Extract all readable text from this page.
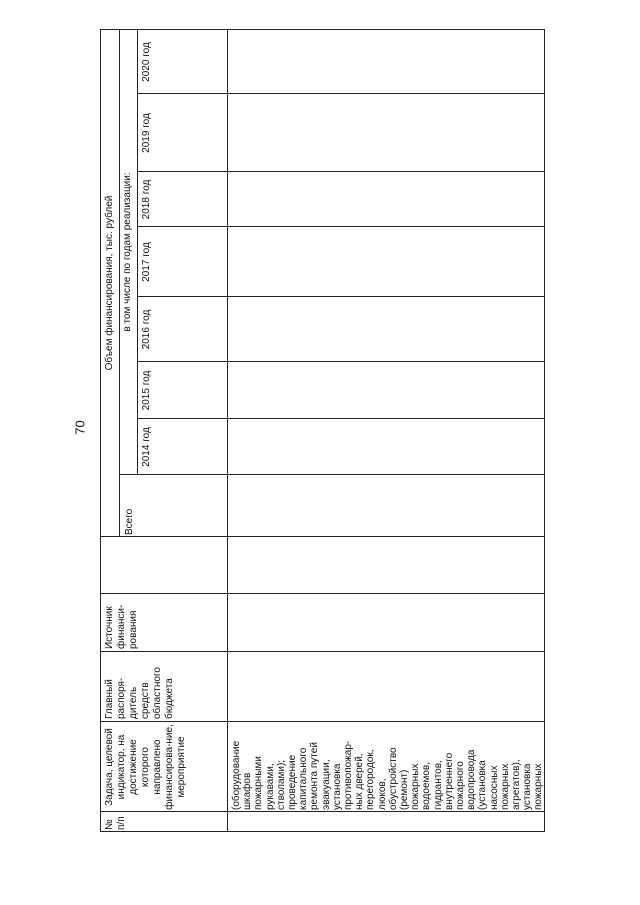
70
№ п/п
Задача, целевой индикатор, на достижение которого направлено финансирова-ние, мероприятие
Главный распоря-дитель средств областного бюджета
Источник финанси-рования
Всего
Объем финансирования, тыс. рублей в том числе по годам реализации:
2014 год
2015 год
2016 год
2017 год
2018 год
2019 год
2020 год
(оборудование шкафов пожарными рукавами, стволами); проведение капитального ремонта путей эвакуации, установка противопожар-ных дверей, перегородок, люков, обустройство (ремонт) пожарных водоемов, гидрантов, внутреннего пожарного водопровода (установка насосных пожарных агрегатов), установка пожарных
